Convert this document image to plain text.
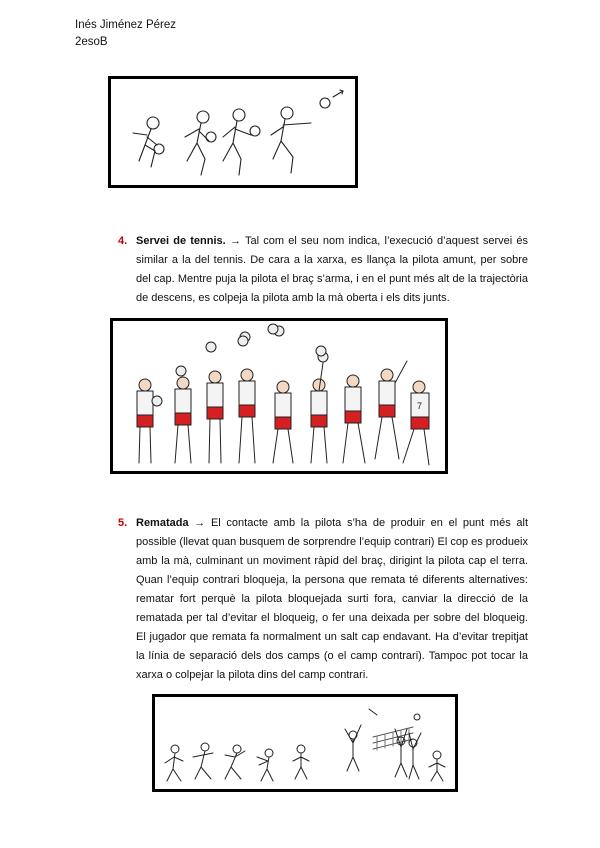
Inés Jiménez Pérez
2esoB
4. Servei de tennis. → Tal com el seu nom indica, l’execució d’aquest servei és similar a la del tennis. De cara a la xarxa, es llança la pilota amunt, per sobre del cap. Mentre puja la pilota el braç s’arma, i en el punt més alt de la trajectòria de descens, es colpeja la pilota amb la mà oberta i els dits junts.
7
5. Rematada → El contacte amb la pilota s’ha de produir en el punt més alt possible (llevat quan busquem de sorprendre l’equip contrari) El cop es produeix amb la mà, culminant un moviment ràpid del braç, dirigint la pilota cap el terra. Quan l’equip contrari bloqueja, la persona que remata té diferents alternatives: rematar fort perquè la pilota bloquejada surti fora, canviar la direcció de la rematada per tal d’evitar el bloqueig, o fer una deixada per sobre del bloqueig. El jugador que remata fa normalment un salt cap endavant. Ha d’evitar trepitjat la línia de separació dels dos camps (o el camp contrari). Tampoc pot tocar la xarxa o colpejar la pilota dins del camp contrari.
